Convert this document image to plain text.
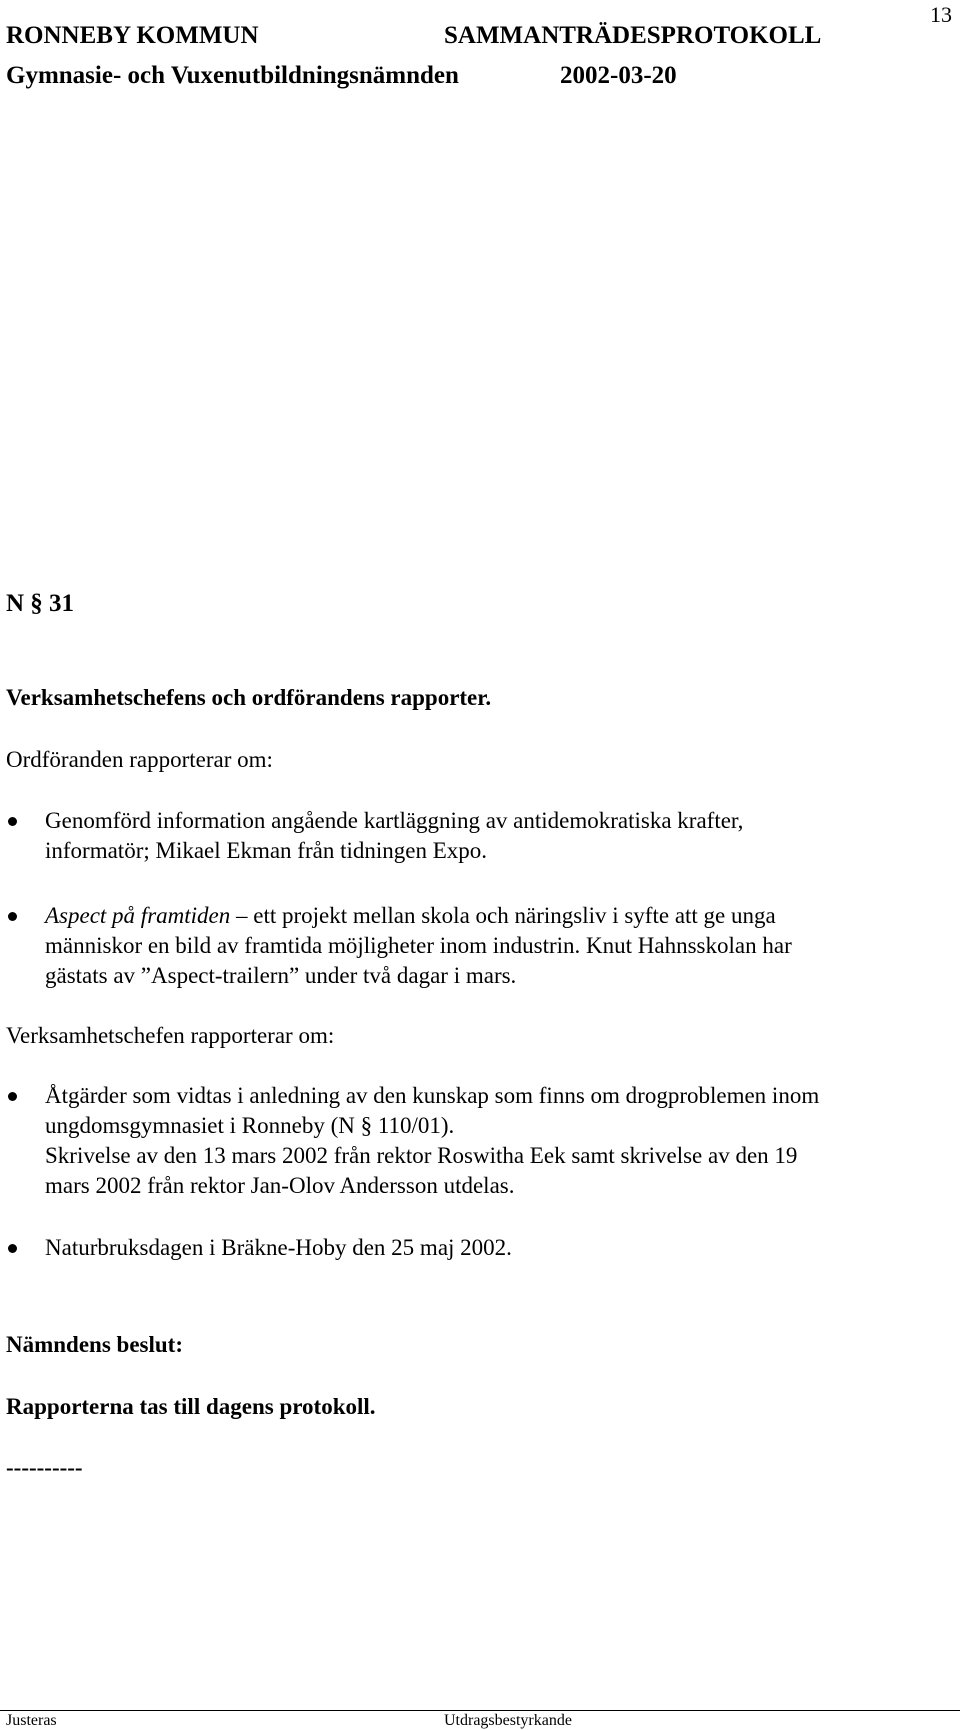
RONNEBY KOMMUN	SAMMANTRÄDESPROTOKOLL
13
Gymnasie- och Vuxenutbildningsnämnden	2002-03-20
N § 31
Verksamhetschefens och ordförandens rapporter.
Ordföranden rapporterar om:
Genomförd information angående kartläggning av antidemokratiska krafter,
informatör; Mikael Ekman från tidningen Expo.
Aspect på framtiden – ett projekt mellan skola och näringsliv i syfte att ge unga
människor en bild av framtida möjligheter inom industrin. Knut Hahnsskolan har
gästats av ”Aspect-trailern” under två dagar i mars.
Verksamhetschefen rapporterar om:
Åtgärder som vidtas i anledning av den kunskap som finns om drogproblemen inom
ungdomsgymnasiet i Ronneby (N § 110/01).
Skrivelse av den 13 mars 2002 från rektor Roswitha Eek samt skrivelse av den 19
mars 2002 från rektor Jan-Olov Andersson utdelas.
Naturbruksdagen i Bräkne-Hoby den 25 maj 2002.
Nämndens beslut:
Rapporterna tas till dagens protokoll.
----------
Justeras	Utdragsbestyrkande
